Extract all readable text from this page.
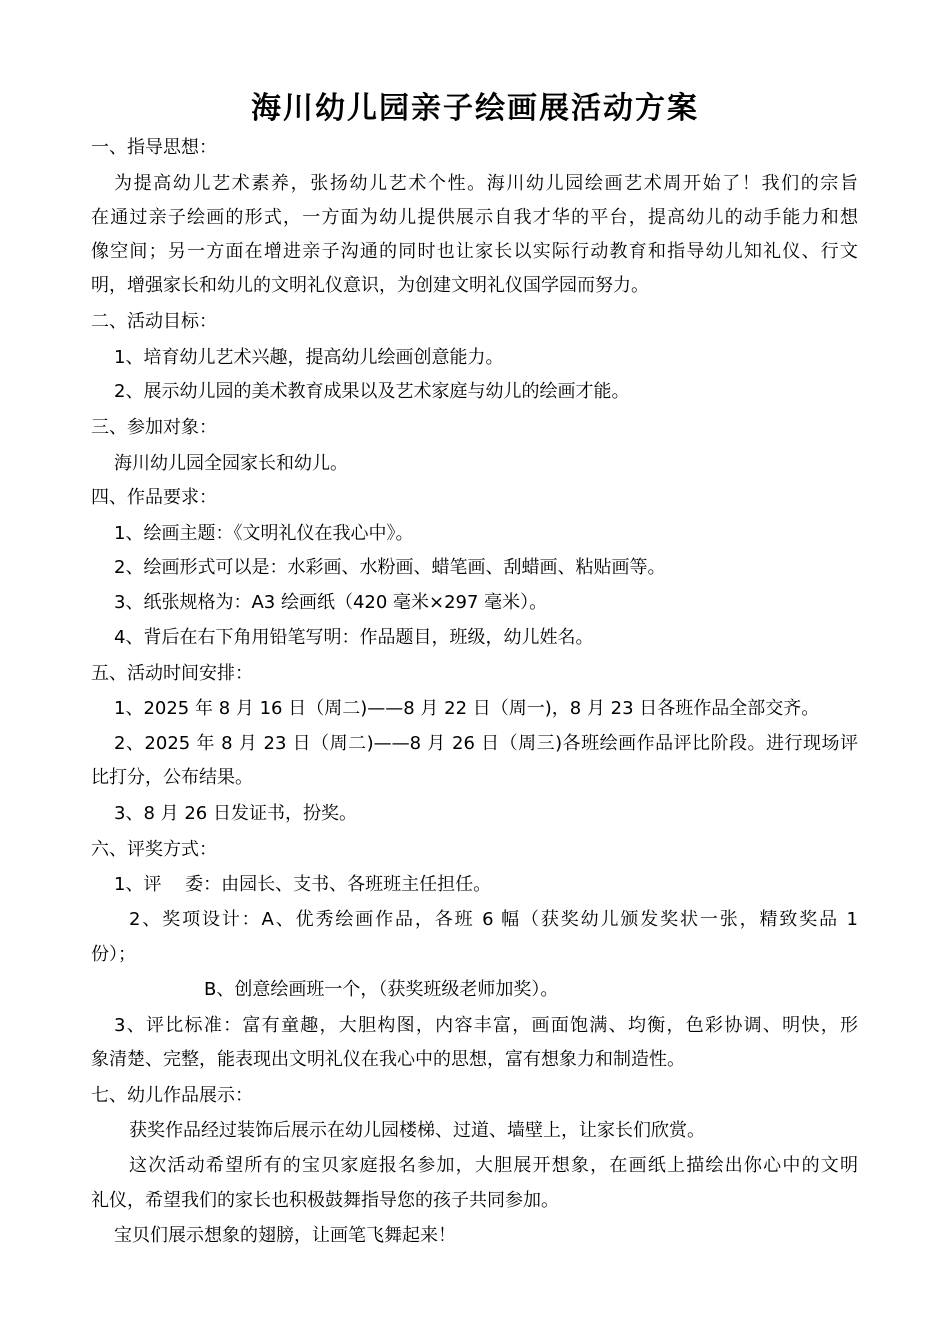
海川幼儿园亲子绘画展活动方案
一、指导思想：
为提高幼儿艺术素养，张扬幼儿艺术个性。海川幼儿园绘画艺术周开始了！我们的宗旨
在通过亲子绘画的形式，一方面为幼儿提供展示自我才华的平台，提高幼儿的动手能力和想
像空间；另一方面在增进亲子沟通的同时也让家长以实际行动教育和指导幼儿知礼仪、行文
明，增强家长和幼儿的文明礼仪意识，为创建文明礼仪国学园而努力。
二、活动目标：
1、培育幼儿艺术兴趣，提高幼儿绘画创意能力。
2、展示幼儿园的美术教育成果以及艺术家庭与幼儿的绘画才能。
三、参加对象：
海川幼儿园全园家长和幼儿。
四、作品要求：
1、绘画主题：《文明礼仪在我心中》。
2、绘画形式可以是：水彩画、水粉画、蜡笔画、刮蜡画、粘贴画等。
3、纸张规格为：A3 绘画纸（420 毫米×297 毫米）。
4、背后在右下角用铅笔写明：作品题目，班级，幼儿姓名。
五、活动时间安排：
1、2025 年 8 月 16 日（周二)——8 月 22 日（周一)，8 月 23 日各班作品全部交齐。
2、2025 年 8 月 23 日（周二)——8 月 26 日（周三)各班绘画作品评比阶段。进行现场评
比打分，公布结果。
3、8 月 26 日发证书，扮奖。
六、评奖方式：
1、评　 委：由园长、支书、各班班主任担任。
2、奖项设计：A、优秀绘画作品，各班 6 幅（获奖幼儿颁发奖状一张，精致奖品 1
份）；
B、创意绘画班一个，（获奖班级老师加奖）。
3、评比标准：富有童趣，大胆构图，内容丰富，画面饱满、均衡，色彩协调、明快，形
象清楚、完整，能表现出文明礼仪在我心中的思想，富有想象力和制造性。
七、幼儿作品展示：
获奖作品经过装饰后展示在幼儿园楼梯、过道、墙壁上，让家长们欣赏。
这次活动希望所有的宝贝家庭报名参加，大胆展开想象，在画纸上描绘出你心中的文明
礼仪，希望我们的家长也积极鼓舞指导您的孩子共同参加。
宝贝们展示想象的翅膀，让画笔飞舞起来！
